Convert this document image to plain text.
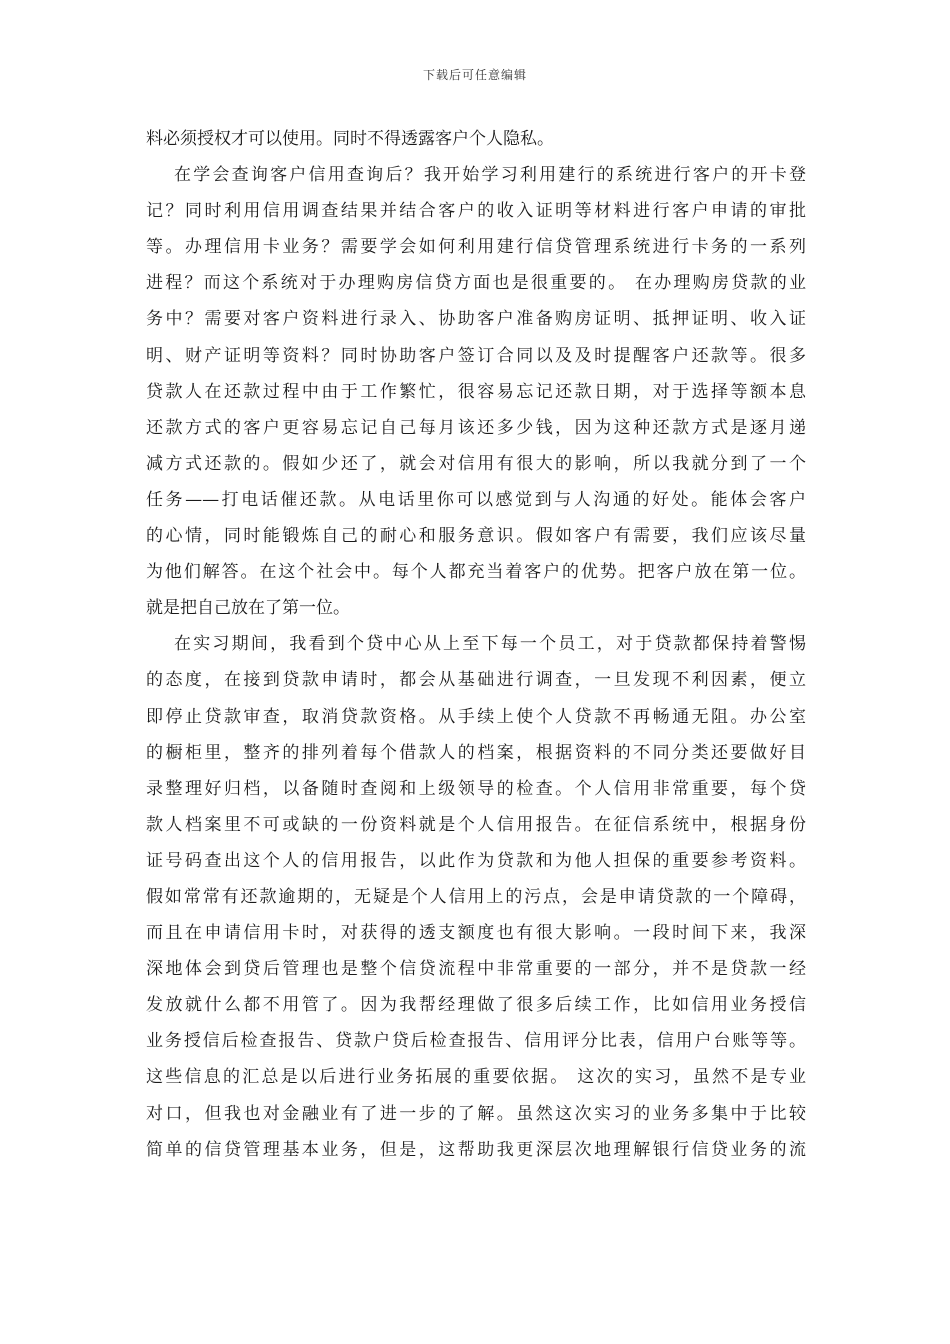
下载后可任意编辑
料必须授权才可以使用。同时不得透露客户个人隐私。
在学会查询客户信用查询后？我开始学习利用建行的系统进行客户的开卡登
记？同时利用信用调查结果并结合客户的收入证明等材料进行客户申请的审批
等。办理信用卡业务？需要学会如何利用建行信贷管理系统进行卡务的一系列
进程？而这个系统对于办理购房信贷方面也是很重要的。 在办理购房贷款的业
务中？需要对客户资料进行录入、协助客户准备购房证明、抵押证明、收入证
明、财产证明等资料？同时协助客户签订合同以及及时提醒客户还款等。很多
贷款人在还款过程中由于工作繁忙，很容易忘记还款日期，对于选择等额本息
还款方式的客户更容易忘记自己每月该还多少钱，因为这种还款方式是逐月递
减方式还款的。假如少还了，就会对信用有很大的影响，所以我就分到了一个
任务——打电话催还款。从电话里你可以感觉到与人沟通的好处。能体会客户
的心情，同时能锻炼自己的耐心和服务意识。假如客户有需要，我们应该尽量
为他们解答。在这个社会中。每个人都充当着客户的优势。把客户放在第一位。
就是把自己放在了第一位。
在实习期间，我看到个贷中心从上至下每一个员工，对于贷款都保持着警惕
的态度，在接到贷款申请时，都会从基础进行调查，一旦发现不利因素，便立
即停止贷款审查，取消贷款资格。从手续上使个人贷款不再畅通无阻。办公室
的橱柜里，整齐的排列着每个借款人的档案，根据资料的不同分类还要做好目
录整理好归档，以备随时查阅和上级领导的检查。个人信用非常重要，每个贷
款人档案里不可或缺的一份资料就是个人信用报告。在征信系统中，根据身份
证号码查出这个人的信用报告，以此作为贷款和为他人担保的重要参考资料。
假如常常有还款逾期的，无疑是个人信用上的污点，会是申请贷款的一个障碍，
而且在申请信用卡时，对获得的透支额度也有很大影响。一段时间下来，我深
深地体会到贷后管理也是整个信贷流程中非常重要的一部分，并不是贷款一经
发放就什么都不用管了。因为我帮经理做了很多后续工作，比如信用业务授信
业务授信后检查报告、贷款户贷后检查报告、信用评分比表，信用户台账等等。
这些信息的汇总是以后进行业务拓展的重要依据。 这次的实习，虽然不是专业
对口，但我也对金融业有了进一步的了解。虽然这次实习的业务多集中于比较
简单的信贷管理基本业务，但是，这帮助我更深层次地理解银行信贷业务的流
